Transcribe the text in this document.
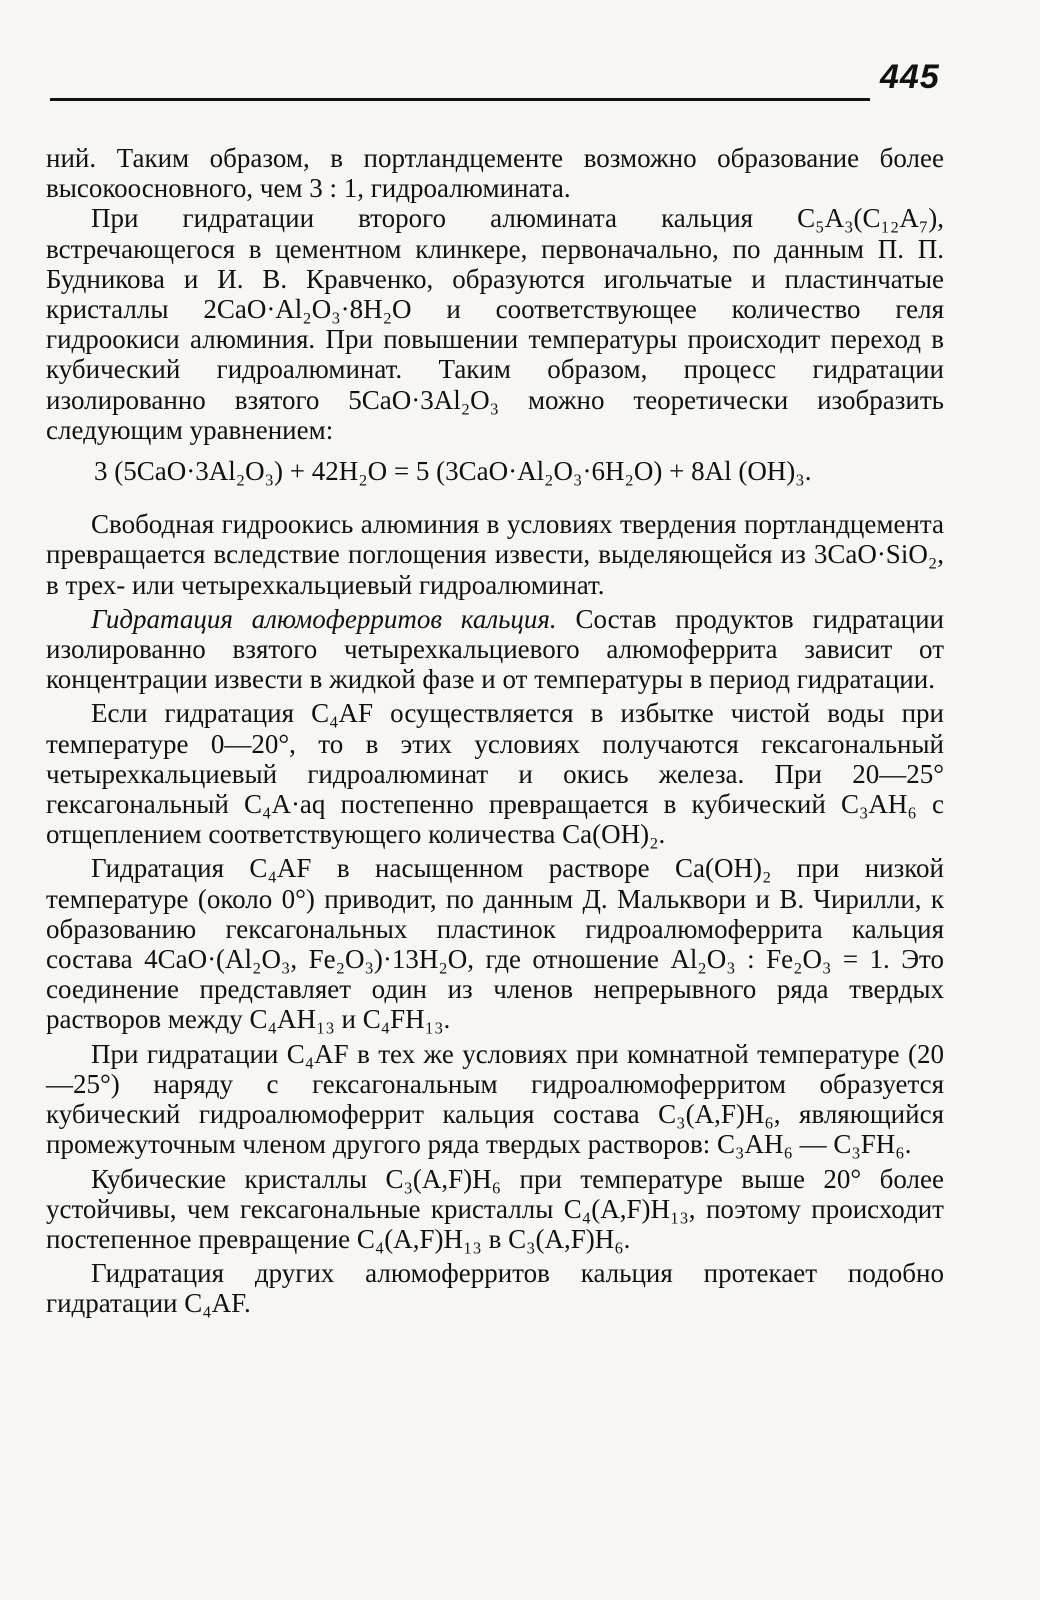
445

ний. Таким образом, в портландцементе возможно образование более высокоосновного, чем 3 : 1, гидроалюмината.

При гидратации второго алюмината кальция C₅A₃(C₁₂A₇), встречающегося в цементном клинкере, первоначально, по данным П. П. Будникова и И. В. Кравченко, образуются игольчатые и пластинчатые кристаллы 2CaO·Al₂O₃·8H₂O и соответствующее количество геля гидроокиси алюминия. При повышении температуры происходит переход в кубический гидроалюминат. Таким образом, процесс гидратации изолированно взятого 5CaO·3Al₂O₃ можно теоретически изобразить следующим уравнением:

3 (5CaO·3Al₂O₃) + 42H₂O = 5 (3CaO·Al₂O₃·6H₂O) + 8Al (OH)₃.

Свободная гидроокись алюминия в условиях твердения портландцемента превращается вследствие поглощения извести, выделяющейся из 3CaO·SiO₂, в трех- или четырехкальциевый гидроалюминат.

Гидратация алюмоферритов кальция. Состав продуктов гидратации изолированно взятого четырехкальциевого алюмоферрита зависит от концентрации извести в жидкой фазе и от температуры в период гидратации.

Если гидратация C₄AF осуществляется в избытке чистой воды при температуре 0—20°, то в этих условиях получаются гексагональный четырехкальциевый гидроалюминат и окись железа. При 20—25° гексагональный C₄A·aq постепенно превращается в кубический C₃AH₆ с отщеплением соответствующего количества Ca(OH)₂.

Гидратация C₄AF в насыщенном растворе Ca(OH)₂ при низкой температуре (около 0°) приводит, по данным Д. Мальквори и В. Чирилли, к образованию гексагональных пластинок гидроалюмоферрита кальция состава 4CaO·(Al₂O₃, Fe₂O₃)·13H₂O, где отношение Al₂O₃ : Fe₂O₃ = 1. Это соединение представляет один из членов непрерывного ряда твердых растворов между C₄AH₁₃ и C₄FH₁₃.

При гидратации C₄AF в тех же условиях при комнатной температуре (20—25°) наряду с гексагональным гидроалюмоферритом образуется кубический гидроалюмоферрит кальция состава C₃(A,F)H₆, являющийся промежуточным членом другого ряда твердых растворов: C₃AH₆ — C₃FH₆.

Кубические кристаллы C₃(A,F)H₆ при температуре выше 20° более устойчивы, чем гексагональные кристаллы C₄(A,F)H₁₃, поэтому происходит постепенное превращение C₄(A,F)H₁₃ в C₃(A,F)H₆.

Гидратация других алюмоферритов кальция протекает подобно гидратации C₄AF.
